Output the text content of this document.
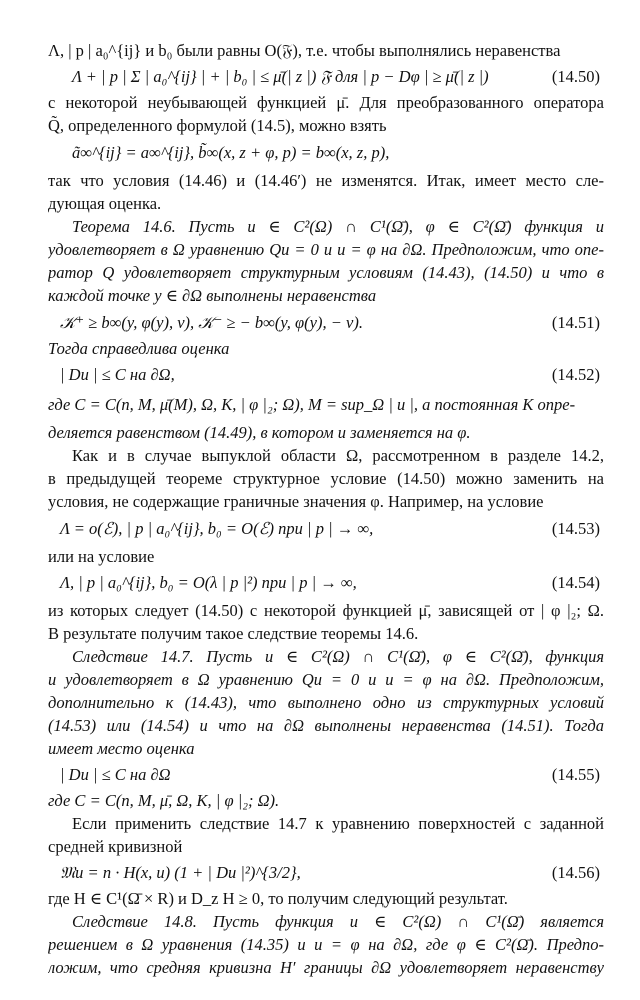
Λ, | p | a₀^{ij} и b₀ были равны O(𝔉), т.е. чтобы выполнялись неравенства
Λ + | p | Σ | a₀^{ij} | + | b₀ | ≤ μ̄(| z |) 𝔉 для | p − Dφ | ≥ μ̄(| z |)	(14.50)
с некоторой неубывающей функцией μ̄. Для преобразованного оператора
Q̃, определенного формулой (14.5), можно взять
ã∞^{ij} = a∞^{ij}, b̃∞(x, z + φ, p) = b∞(x, z, p),
так что условия (14.46) и (14.46′) не изменятся. Итак, имеет место сле-
дующая оценка.
Теорема 14.6. Пусть u ∈ C²(Ω) ∩ C¹(Ω̄), φ ∈ C²(Ω̄) функция и
удовлетворяет в Ω уравнению Qu = 0 и u = φ на ∂Ω. Предположим, что опе-
ратор Q удовлетворяет структурным условиям (14.43), (14.50) и что в
каждой точке y ∈ ∂Ω выполнены неравенства
𝒦⁺ ≥ b∞(y, φ(y), ν), 𝒦⁻ ≥ − b∞(y, φ(y), − ν).	(14.51)
Тогда справедлива оценка
| Du | ≤ C на ∂Ω,	(14.52)
где C = C(n, M, μ̄(M), Ω, K, | φ |₂; Ω), M = sup_Ω | u |, а постоянная K опре-
деляется равенством (14.49), в котором и заменяется на φ.
Как и в случае выпуклой области Ω, рассмотренном в разделе 14.2,
в предыдущей теореме структурное условие (14.50) можно заменить на
условия, не содержащие граничные значения φ. Например, на условие
Λ = o(ℰ), | p | a₀^{ij}, b₀ = O(ℰ) при | p | → ∞,	(14.53)
или на условие
Λ, | p | a₀^{ij}, b₀ = O(λ | p |²) при | p | → ∞,	(14.54)
из которых следует (14.50) с некоторой функцией μ̄, зависящей от | φ |₂; Ω.
В результате получим такое следствие теоремы 14.6.
Следствие 14.7. Пусть u ∈ C²(Ω) ∩ C¹(Ω̄), φ ∈ C²(Ω̄), функция
и удовлетворяет в Ω уравнению Qu = 0 и u = φ на ∂Ω. Предположим,
дополнительно к (14.43), что выполнено одно из структурных условий
(14.53) или (14.54) и что на ∂Ω выполнены неравенства (14.51). Тогда
имеет место оценка
| Du | ≤ C на ∂Ω	(14.55)
где C = C(n, M, μ̄, Ω, K, | φ |₂; Ω).
Если применить следствие 14.7 к уравнению поверхностей с заданной
средней кривизной
𝔐u = n · H(x, u) (1 + | Du |²)^{3/2},	(14.56)
где H ∈ C¹(Ω̄ × R) и D_z H ≥ 0, то получим следующий результат.
Следствие 14.8. Пусть функция u ∈ C²(Ω) ∩ C¹(Ω̄) является
решением в Ω уравнения (14.35) и u = φ на ∂Ω, где φ ∈ C²(Ω̄). Предпо-
ложим, что средняя кривизна H′ границы ∂Ω удовлетворяет неравенству
